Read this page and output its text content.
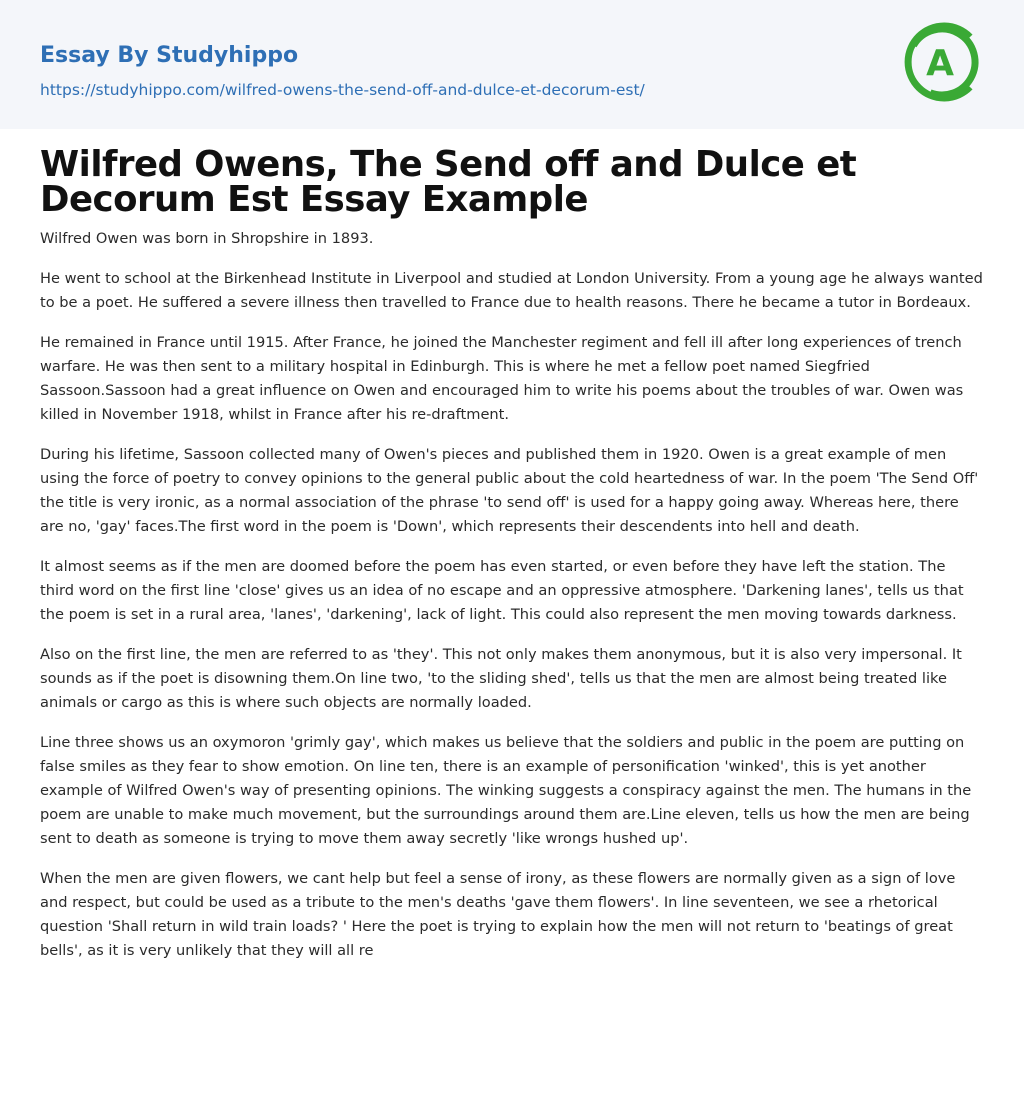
Essay By Studyhippo
https://studyhippo.com/wilfred-owens-the-send-off-and-dulce-et-decorum-est/
A
Wilfred Owens, The Send off and Dulce et Decorum Est Essay Example

Wilfred Owen was born in Shropshire in 1893.

He went to school at the Birkenhead Institute in Liverpool and studied at London University. From a young age he always wanted to be a poet. He suffered a severe illness then travelled to France due to health reasons. There he became a tutor in Bordeaux.

He remained in France until 1915. After France, he joined the Manchester regiment and fell ill after long experiences of trench warfare. He was then sent to a military hospital in Edinburgh. This is where he met a fellow poet named Siegfried Sassoon.Sassoon had a great influence on Owen and encouraged him to write his poems about the troubles of war. Owen was killed in November 1918, whilst in France after his re-draftment.

During his lifetime, Sassoon collected many of Owen's pieces and published them in 1920. Owen is a great example of men using the force of poetry to convey opinions to the general public about the cold heartedness of war. In the poem 'The Send Off' the title is very ironic, as a normal association of the phrase 'to send off' is used for a happy going away. Whereas here, there are no, 'gay' faces.The first word in the poem is 'Down', which represents their descendents into hell and death.

It almost seems as if the men are doomed before the poem has even started, or even before they have left the station. The third word on the first line 'close' gives us an idea of no escape and an oppressive atmosphere. 'Darkening lanes', tells us that the poem is set in a rural area, 'lanes', 'darkening', lack of light. This could also represent the men moving towards darkness.

Also on the first line, the men are referred to as 'they'. This not only makes them anonymous, but it is also very impersonal. It sounds as if the poet is disowning them.On line two, 'to the sliding shed', tells us that the men are almost being treated like animals or cargo as this is where such objects are normally loaded.

Line three shows us an oxymoron 'grimly gay', which makes us believe that the soldiers and public in the poem are putting on false smiles as they fear to show emotion. On line ten, there is an example of personification 'winked', this is yet another example of Wilfred Owen's way of presenting opinions. The winking suggests a conspiracy against the men. The humans in the poem are unable to make much movement, but the surroundings around them are.Line eleven, tells us how the men are being sent to death as someone is trying to move them away secretly 'like wrongs hushed up'.

When the men are given flowers, we cant help but feel a sense of irony, as these flowers are normally given as a sign of love and respect, but could be used as a tribute to the men's deaths 'gave them flowers'. In line seventeen, we see a rhetorical question 'Shall return in wild train loads? ' Here the poet is trying to explain how the men will not return to 'beatings of great bells', as it is very unlikely that they will all re
